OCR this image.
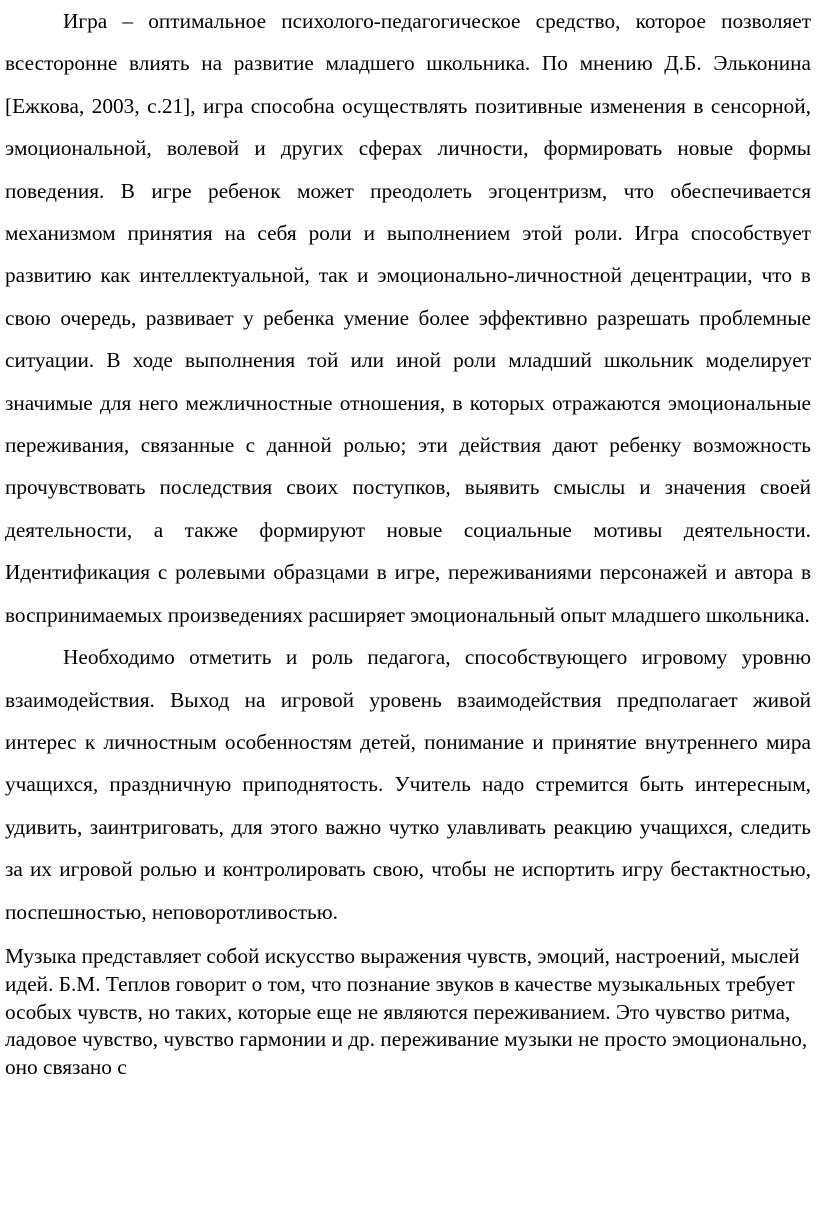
Игра – оптимальное психолого-педагогическое средство, которое позволяет всесторонне влиять на развитие младшего школьника. По мнению Д.Б. Эльконина [Ежкова, 2003, с.21], игра способна осуществлять позитивные изменения в сенсорной, эмоциональной, волевой и других сферах личности, формировать новые формы поведения. В игре ребенок может преодолеть эгоцентризм, что обеспечивается механизмом принятия на себя роли и выполнением этой роли. Игра способствует развитию как интеллектуальной, так и эмоционально-личностной децентрации, что в свою очередь, развивает у ребенка умение более эффективно разрешать проблемные ситуации. В ходе выполнения той или иной роли младший школьник моделирует значимые для него межличностные отношения, в которых отражаются эмоциональные переживания, связанные с данной ролью; эти действия дают ребенку возможность прочувствовать последствия своих поступков, выявить смыслы и значения своей деятельности, а также формируют новые социальные мотивы деятельности. Идентификация с ролевыми образцами в игре, переживаниями персонажей и автора в воспринимаемых произведениях расширяет эмоциональный опыт младшего школьника.

Необходимо отметить и роль педагога, способствующего игровому уровню взаимодействия. Выход на игровой уровень взаимодействия предполагает живой интерес к личностным особенностям детей, понимание и принятие внутреннего мира учащихся, праздничную приподнятость. Учитель надо стремится быть интересным, удивить, заинтриговать, для этого важно чутко улавливать реакцию учащихся, следить за их игровой ролью и контролировать свою, чтобы не испортить игру бестактностью, поспешностью, неповоротливостью.

Музыка представляет собой искусство выражения чувств, эмоций, настроений, мыслей идей. Б.М. Теплов говорит о том, что познание звуков в качестве музыкальных требует особых чувств, но таких, которые еще не являются переживанием. Это чувство ритма, ладовое чувство, чувство гармонии и др. переживание музыки не просто эмоционально, оно связано с
